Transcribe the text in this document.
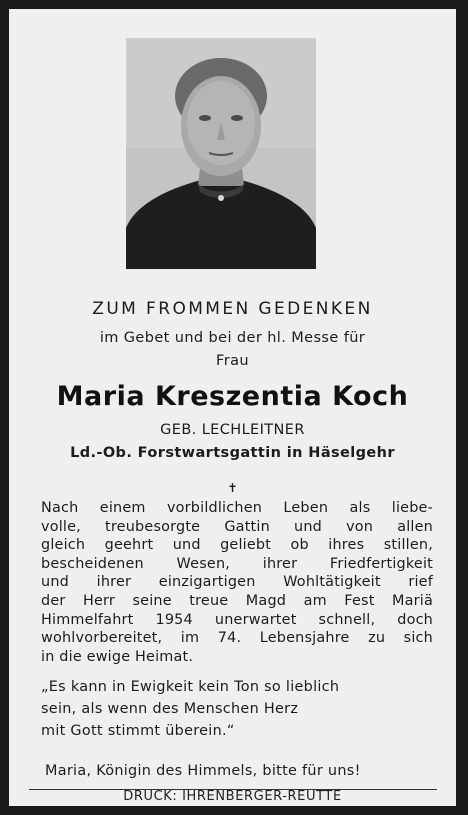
ZUM FROMMEN GEDENKEN
im Gebet und bei der hl. Messe für
Frau
Maria Kreszentia Koch
GEB. LECHLEITNER
Ld.-Ob. Forstwartsgattin in Häselgehr
✝
Nach einem vorbildlichen Leben als liebe-
volle, treubesorgte Gattin und von allen
gleich geehrt und geliebt ob ihres stillen,
bescheidenen Wesen, ihrer Friedfertigkeit
und ihrer einzigartigen Wohltätigkeit rief
der Herr seine treue Magd am Fest Mariä
Himmelfahrt 1954 unerwartet schnell, doch
wohlvorbereitet, im 74. Lebensjahre zu sich
in die ewige Heimat.
„Es kann in Ewigkeit kein Ton so lieblich
sein, als wenn des Menschen Herz
mit Gott stimmt überein.“
Maria, Königin des Himmels, bitte für uns!
DRUCK: IHRENBERGER-REUTTE
